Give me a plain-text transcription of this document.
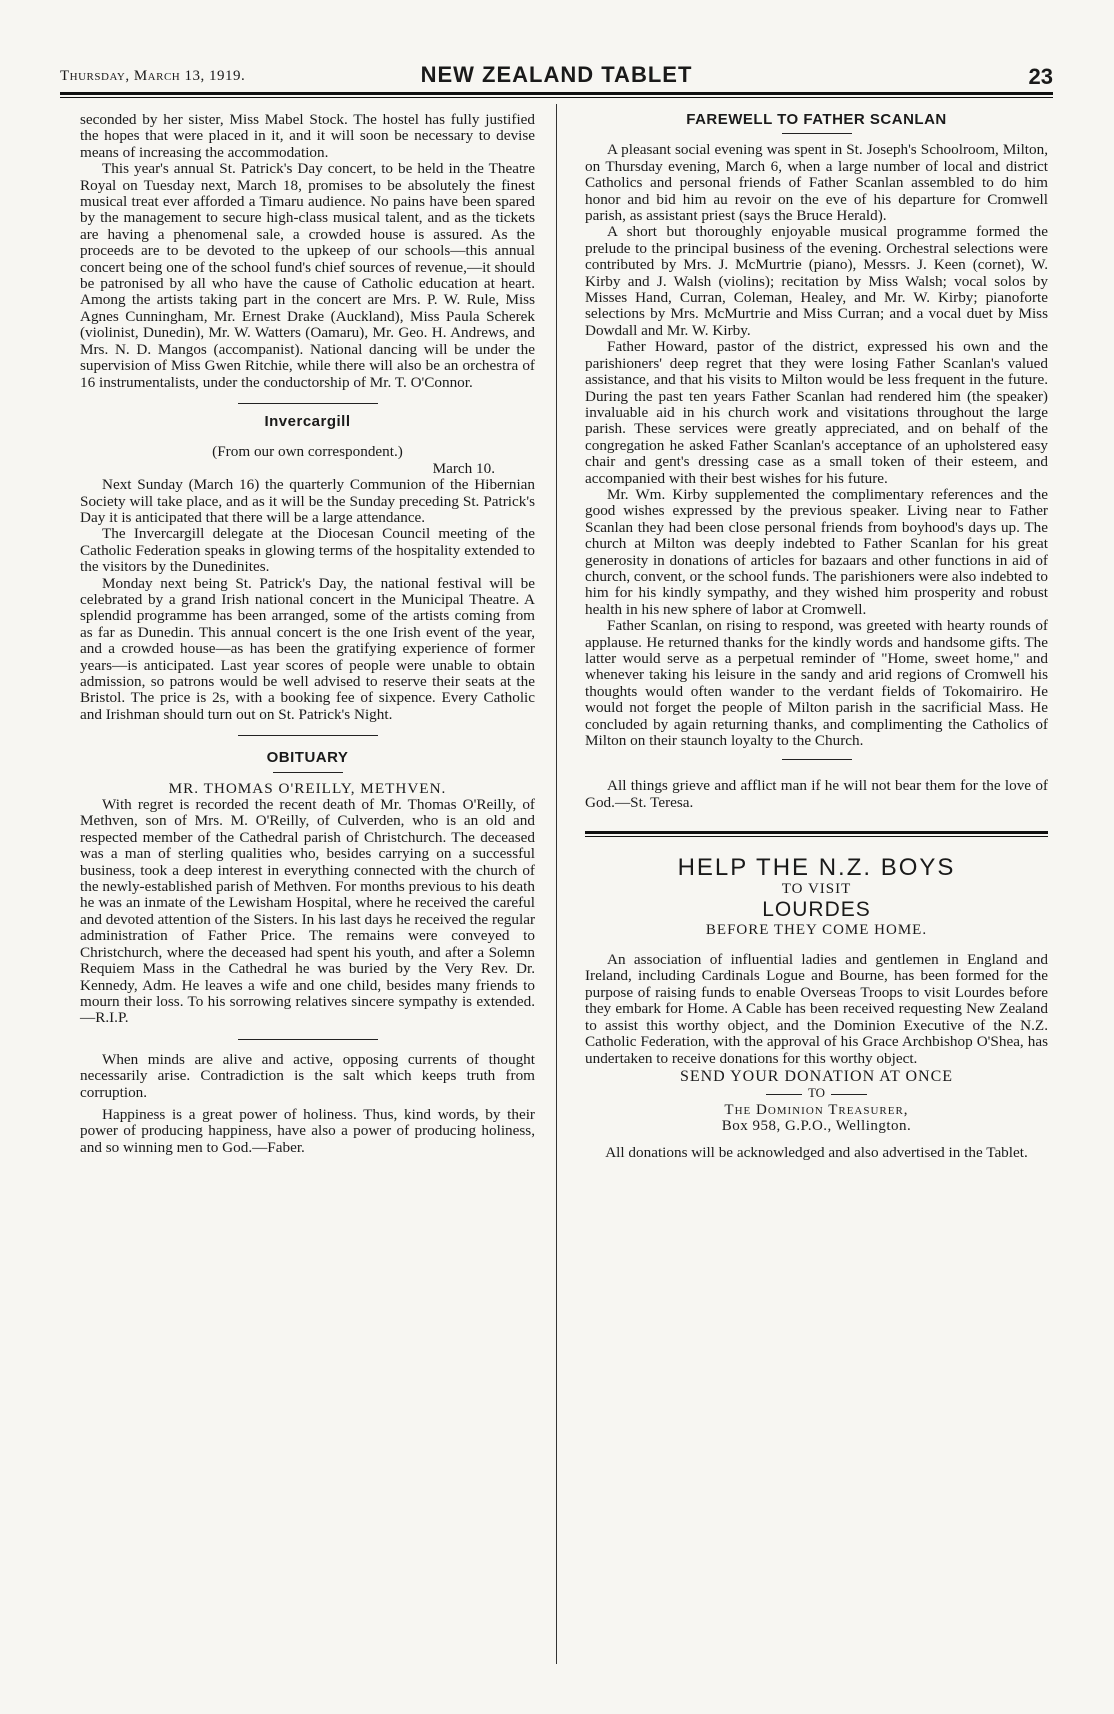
Thursday, March 13, 1919.	NEW ZEALAND TABLET	23

seconded by her sister, Miss Mabel Stock. The hostel has fully justified the hopes that were placed in it, and it will soon be necessary to devise means of increasing the accommodation.

This year's annual St. Patrick's Day concert, to be held in the Theatre Royal on Tuesday next, March 18, promises to be absolutely the finest musical treat ever afforded a Timaru audience. No pains have been spared by the management to secure high-class musical talent, and as the tickets are having a phenomenal sale, a crowded house is assured. As the proceeds are to be devoted to the upkeep of our schools—this annual concert being one of the school fund's chief sources of revenue,—it should be patronised by all who have the cause of Catholic education at heart. Among the artists taking part in the concert are Mrs. P. W. Rule, Miss Agnes Cunningham, Mr. Ernest Drake (Auckland), Miss Paula Scherek (violinist, Dunedin), Mr. W. Watters (Oamaru), Mr. Geo. H. Andrews, and Mrs. N. D. Mangos (accompanist). National dancing will be under the supervision of Miss Gwen Ritchie, while there will also be an orchestra of 16 instrumentalists, under the conductorship of Mr. T. O'Connor.

Invercargill

(From our own correspondent.)

March 10.

Next Sunday (March 16) the quarterly Communion of the Hibernian Society will take place, and as it will be the Sunday preceding St. Patrick's Day it is anticipated that there will be a large attendance.

The Invercargill delegate at the Diocesan Council meeting of the Catholic Federation speaks in glowing terms of the hospitality extended to the visitors by the Dunedinites.

Monday next being St. Patrick's Day, the national festival will be celebrated by a grand Irish national concert in the Municipal Theatre. A splendid programme has been arranged, some of the artists coming from as far as Dunedin. This annual concert is the one Irish event of the year, and a crowded house—as has been the gratifying experience of former years—is anticipated. Last year scores of people were unable to obtain admission, so patrons would be well advised to reserve their seats at the Bristol. The price is 2s, with a booking fee of sixpence. Every Catholic and Irishman should turn out on St. Patrick's Night.

OBITUARY

MR. THOMAS O'REILLY, METHVEN.

With regret is recorded the recent death of Mr. Thomas O'Reilly, of Methven, son of Mrs. M. O'Reilly, of Culverden, who is an old and respected member of the Cathedral parish of Christchurch. The deceased was a man of sterling qualities who, besides carrying on a successful business, took a deep interest in everything connected with the church of the newly-established parish of Methven. For months previous to his death he was an inmate of the Lewisham Hospital, where he received the careful and devoted attention of the Sisters. In his last days he received the regular administration of Father Price. The remains were conveyed to Christchurch, where the deceased had spent his youth, and after a Solemn Requiem Mass in the Cathedral he was buried by the Very Rev. Dr. Kennedy, Adm. He leaves a wife and one child, besides many friends to mourn their loss. To his sorrowing relatives sincere sympathy is extended.—R.I.P.

When minds are alive and active, opposing currents of thought necessarily arise. Contradiction is the salt which keeps truth from corruption.

Happiness is a great power of holiness. Thus, kind words, by their power of producing happiness, have also a power of producing holiness, and so winning men to God.—Faber.

FAREWELL TO FATHER SCANLAN

A pleasant social evening was spent in St. Joseph's Schoolroom, Milton, on Thursday evening, March 6, when a large number of local and district Catholics and personal friends of Father Scanlan assembled to do him honor and bid him au revoir on the eve of his departure for Cromwell parish, as assistant priest (says the Bruce Herald).

A short but thoroughly enjoyable musical programme formed the prelude to the principal business of the evening. Orchestral selections were contributed by Mrs. J. McMurtrie (piano), Messrs. J. Keen (cornet), W. Kirby and J. Walsh (violins); recitation by Miss Walsh; vocal solos by Misses Hand, Curran, Coleman, Healey, and Mr. W. Kirby; pianoforte selections by Mrs. McMurtrie and Miss Curran; and a vocal duet by Miss Dowdall and Mr. W. Kirby.

Father Howard, pastor of the district, expressed his own and the parishioners' deep regret that they were losing Father Scanlan's valued assistance, and that his visits to Milton would be less frequent in the future. During the past ten years Father Scanlan had rendered him (the speaker) invaluable aid in his church work and visitations throughout the large parish. These services were greatly appreciated, and on behalf of the congregation he asked Father Scanlan's acceptance of an upholstered easy chair and gent's dressing case as a small token of their esteem, and accompanied with their best wishes for his future.

Mr. Wm. Kirby supplemented the complimentary references and the good wishes expressed by the previous speaker. Living near to Father Scanlan they had been close personal friends from boyhood's days up. The church at Milton was deeply indebted to Father Scanlan for his great generosity in donations of articles for bazaars and other functions in aid of church, convent, or the school funds. The parishioners were also indebted to him for his kindly sympathy, and they wished him prosperity and robust health in his new sphere of labor at Cromwell.

Father Scanlan, on rising to respond, was greeted with hearty rounds of applause. He returned thanks for the kindly words and handsome gifts. The latter would serve as a perpetual reminder of "Home, sweet home," and whenever taking his leisure in the sandy and arid regions of Cromwell his thoughts would often wander to the verdant fields of Tokomairiro. He would not forget the people of Milton parish in the sacrificial Mass. He concluded by again returning thanks, and complimenting the Catholics of Milton on their staunch loyalty to the Church.

All things grieve and afflict man if he will not bear them for the love of God.—St. Teresa.

HELP THE N.Z. BOYS
TO VISIT
LOURDES
BEFORE THEY COME HOME.

An association of influential ladies and gentlemen in England and Ireland, including Cardinals Logue and Bourne, has been formed for the purpose of raising funds to enable Overseas Troops to visit Lourdes before they embark for Home. A Cable has been received requesting New Zealand to assist this worthy object, and the Dominion Executive of the N.Z. Catholic Federation, with the approval of his Grace Archbishop O'Shea, has undertaken to receive donations for this worthy object.

SEND YOUR DONATION AT ONCE
TO
The Dominion Treasurer,
Box 958, G.P.O., Wellington.

All donations will be acknowledged and also advertised in the Tablet.
